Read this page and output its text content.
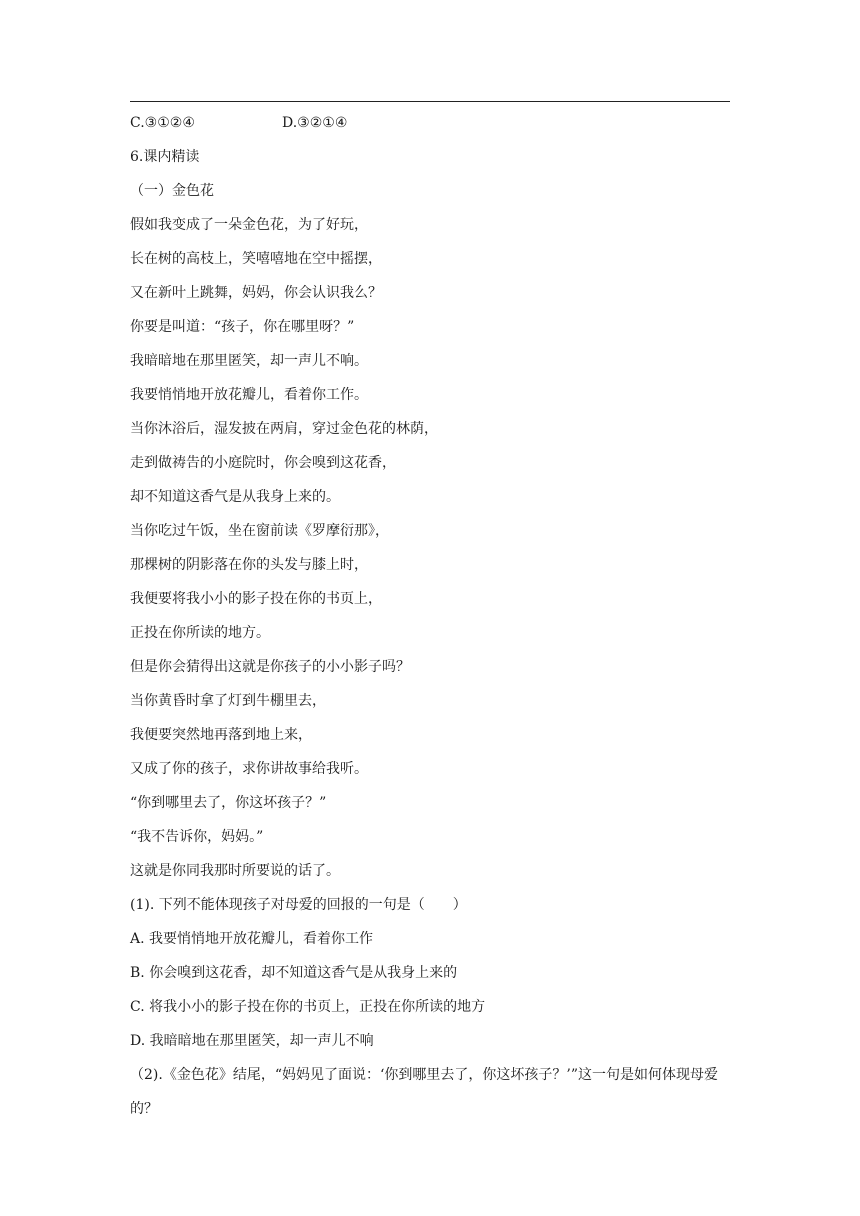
C.③①②④	D.③②①④
6.课内精读
（一）金色花
假如我变成了一朵金色花，为了好玩，
长在树的高枝上，笑嘻嘻地在空中摇摆，
又在新叶上跳舞，妈妈，你会认识我么？
你要是叫道：“孩子，你在哪里呀？”
我暗暗地在那里匿笑，却一声儿不响。
我要悄悄地开放花瓣儿，看着你工作。
当你沐浴后，湿发披在两肩，穿过金色花的林荫，
走到做祷告的小庭院时，你会嗅到这花香，
却不知道这香气是从我身上来的。
当你吃过午饭，坐在窗前读《罗摩衍那》，
那棵树的阴影落在你的头发与膝上时，
我便要将我小小的影子投在你的书页上，
正投在你所读的地方。
但是你会猜得出这就是你孩子的小小影子吗？
当你黄昏时拿了灯到牛棚里去，
我便要突然地再落到地上来，
又成了你的孩子，求你讲故事给我听。
“你到哪里去了，你这坏孩子？”
“我不告诉你，妈妈。”
这就是你同我那时所要说的话了。
(1). 下列不能体现孩子对母爱的回报的一句是（　　）
A. 我要悄悄地开放花瓣儿，看着你工作
B. 你会嗅到这花香，却不知道这香气是从我身上来的
C. 将我小小的影子投在你的书页上，正投在你所读的地方
D. 我暗暗地在那里匿笑，却一声儿不响
（2).《金色花》结尾，“妈妈见了面说：‘你到哪里去了，你这坏孩子？’”这一句是如何体现母爱的？
